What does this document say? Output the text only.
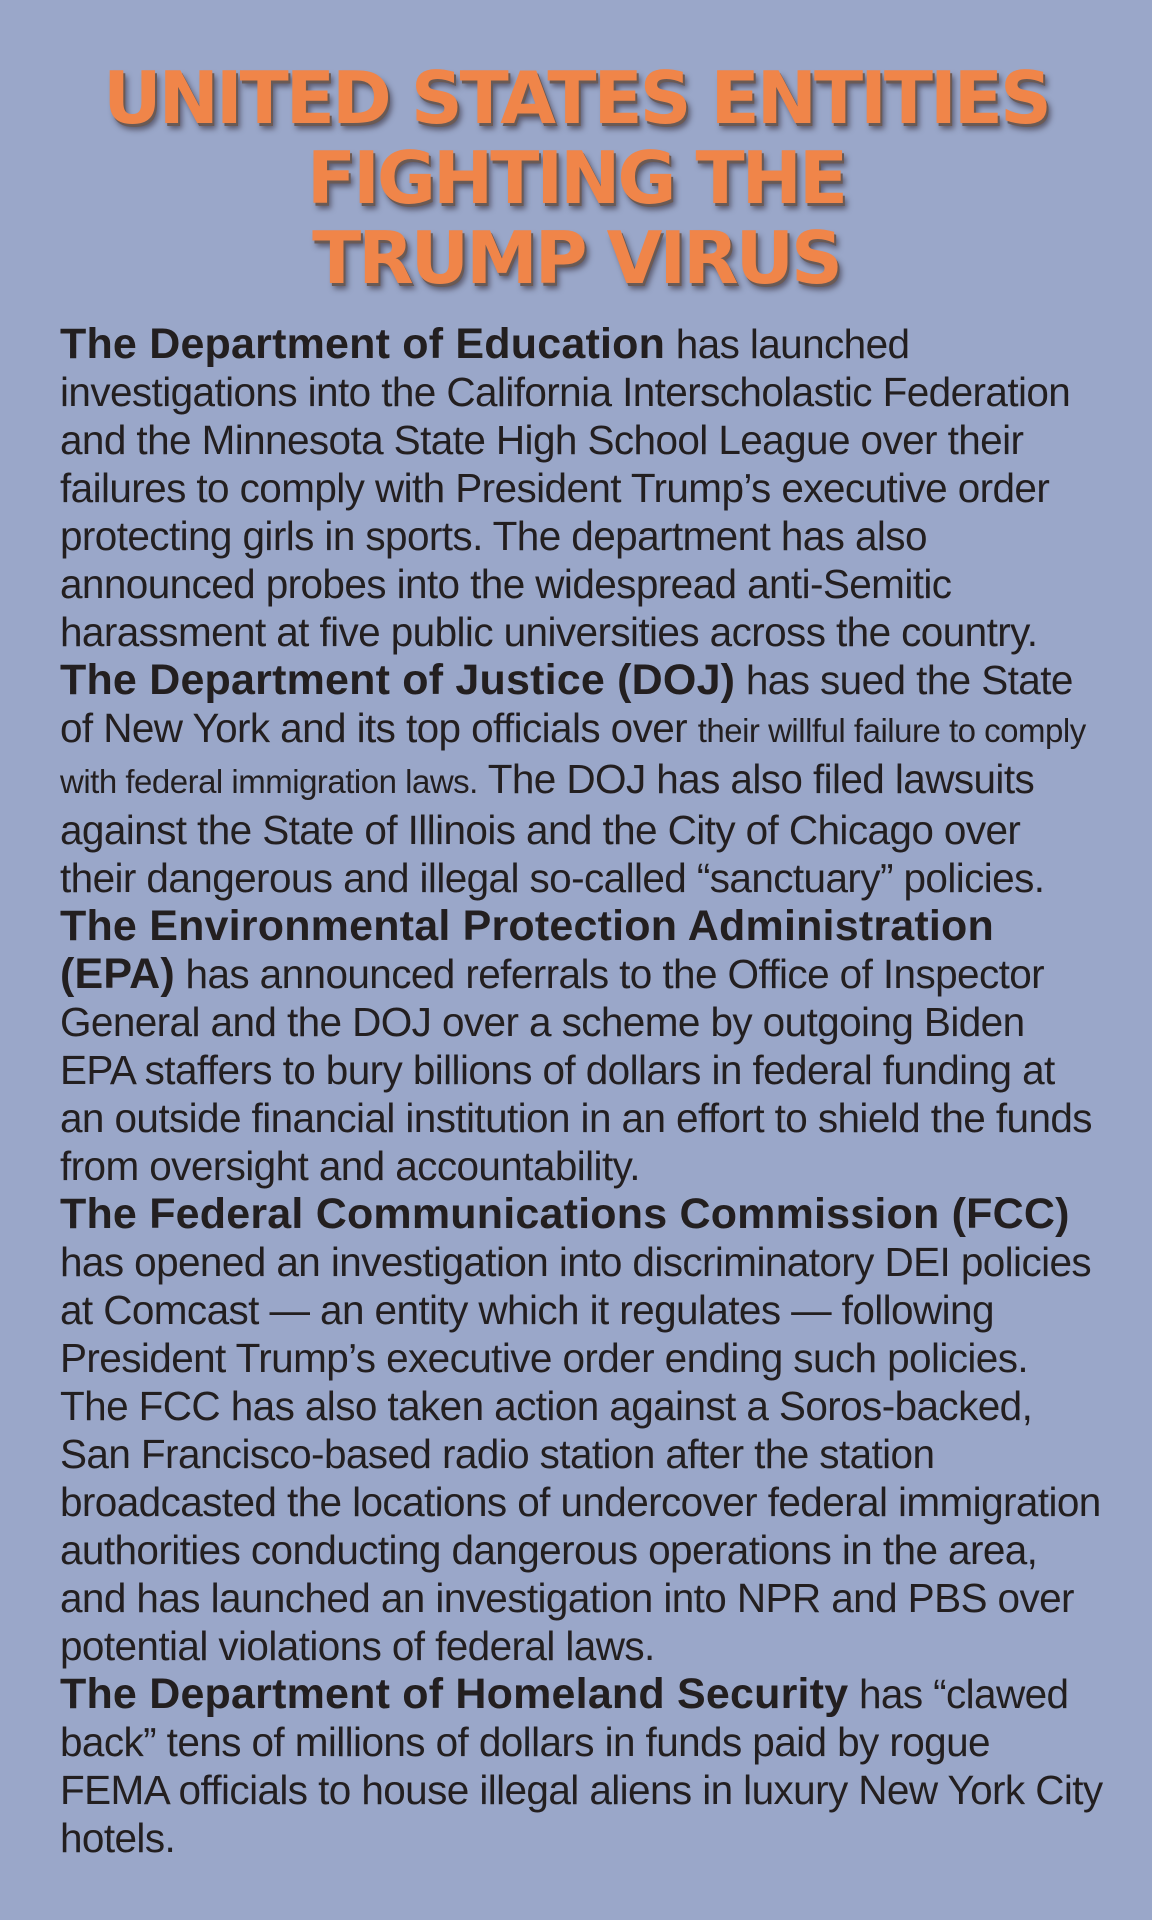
UNITED STATES ENTITIES
FIGHTING THE
TRUMP VIRUS

The Department of Education has launched investigations into the California Interscholastic Federation and the Minnesota State High School League over their failures to comply with President Trump’s executive order protecting girls in sports. The department has also announced probes into the widespread anti-Semitic harassment at five public universities across the country.

The Department of Justice (DOJ) has sued the State of New York and its top officials over their willful failure to comply with federal immigration laws. The DOJ has also filed lawsuits against the State of Illinois and the City of Chicago over their dangerous and illegal so-called “sanctuary” policies.

The Environmental Protection Administration (EPA) has announced referrals to the Office of Inspector General and the DOJ over a scheme by outgoing Biden EPA staffers to bury billions of dollars in federal funding at an outside financial institution in an effort to shield the funds from oversight and accountability.

The Federal Communications Commission (FCC) has opened an investigation into discriminatory DEI policies at Comcast — an entity which it regulates — following President Trump’s executive order ending such policies. The FCC has also taken action against a Soros-backed, San Francisco-based radio station after the station broadcasted the locations of undercover federal immigration authorities conducting dangerous operations in the area, and has launched an investigation into NPR and PBS over potential violations of federal laws.

The Department of Homeland Security has “clawed back” tens of millions of dollars in funds paid by rogue FEMA officials to house illegal aliens in luxury New York City hotels.
